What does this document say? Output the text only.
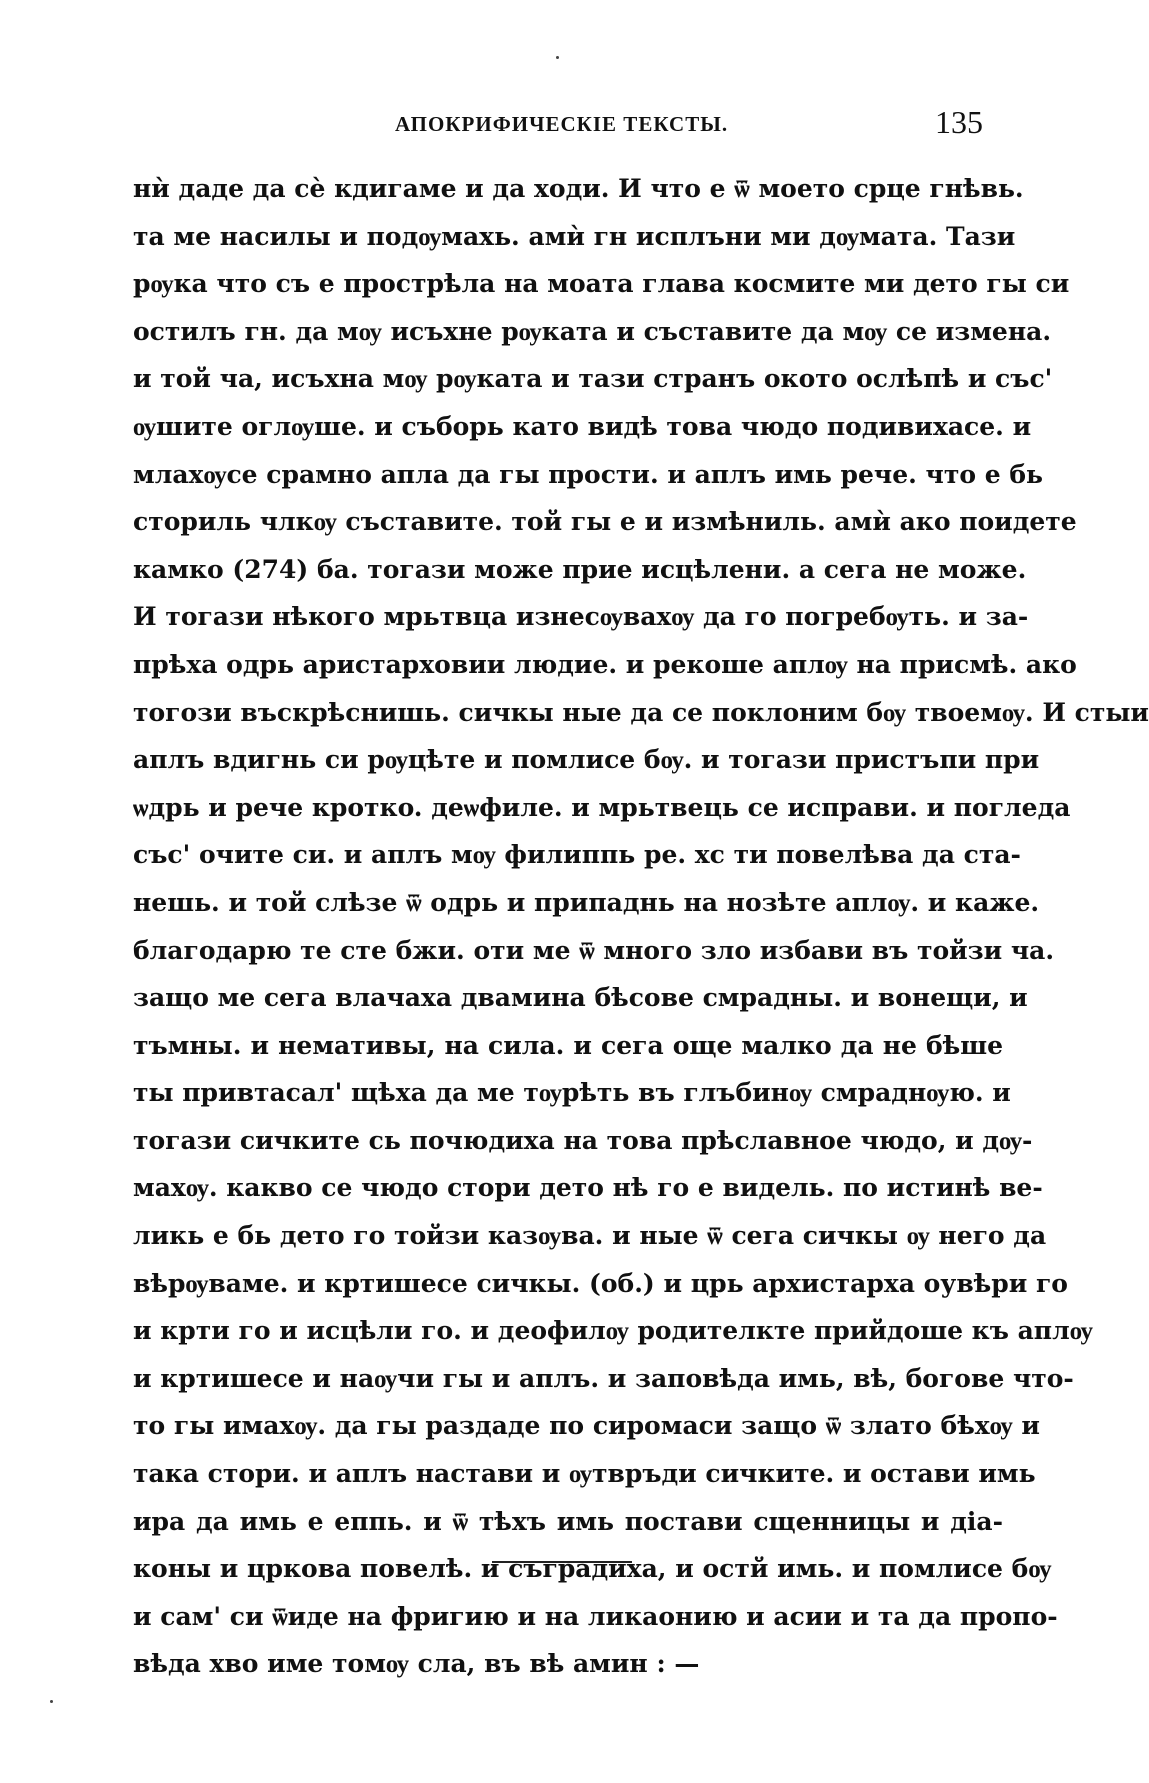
АПОКРИФИЧЕСКІЕ ТЕКСТЫ.	135
нѝ даде да сѐ кдигаме и да ходи. И что е ѿ моето срце гнѣвь.
та ме насилы и подѹмахь. амѝ гн исплъни ми дѹмата. Тази
рѹка что съ е прострѣла на моата глава космите ми дето гы си
остилъ гн. да мѹ исъхне рѹката и съставите да мѹ се измена.
и той ча, исъхна мѹ рѹката и тази странъ окото ослѣпѣ и със'
ѹшите оглѹше. и съборь като видѣ това чюдо подивихасе. и
млахѹсе срамно апла да гы прости. и аплъ имь рече. что е бь
сториль члкѹ съставите. той гы е и измѣниль. амѝ ако поидете
камко (274) ба. тогази може прие исцѣлени. а сега не може.
И тогази нѣкого мрьтвца изнесѹвахѹ да го погребѹть. и за-
прѣха одрь аристарховии людие. и рекоше аплѹ на присмѣ. ако
тогози въскрѣснишь. сичкы ные да се поклоним бѹ твоемѹ. И стыи
аплъ вдигнь си рѹцѣте и помлисе бѹ. и тогази пристъпи при
ѡдрь и рече кроткo. деѡфиле. и мрьтвець се исправи. и погледа
със' очите си. и аплъ мѹ филиппь ре. хс ти повелѣва да ста-
нешь. и той слѣзе ѿ одрь и припаднь на нозѣте аплѹ. и каже.
благодарю те сте бжи. оти ме ѿ много зло избави въ тойзи ча.
защо ме сега влачаха двамина бѣсове смрадны. и вонещи, и
тъмны. и немативы, на сила. и сега още малко да не бѣше
ты привтасал' щѣха да ме тѹрѣть въ глъбинѹ смраднѹю. и
тогази сичките сь почюдиха на това прѣславное чюдо, и дѹ-
махѹ. каквo се чюдо стори дето нѣ го е видель. по истинѣ ве-
ликь е бь дето го тойзи казѹва. и ные ѿ сега сичкы ѹ него да
вѣрѹваме. и кртишесе сичкы. (об.) и црь архистарха оувѣри го
и крти го и исцѣли го. и деофилѹ родителкте прийдоше къ аплѹ
и кртишесе и наѹчи гы и аплъ. и заповѣда имь, вѣ, богове что-
то гы имахѹ. да гы раздаде по сиромаси защо ѿ злато бѣхѹ и
така стори. и аплъ настави и ѹтвръди сичките. и остави имь
ира да имь е еппь. и ѿ тѣхъ имь постави сщенницы и дiа-
коны и цркова повелѣ. и съградиха, и остй имь. и помлисе бѹ
и сам' си ѿиде на фригию и на ликаонию и асии и та да пропо-
вѣда хво име томѹ сла, въ вѣ амин : —
